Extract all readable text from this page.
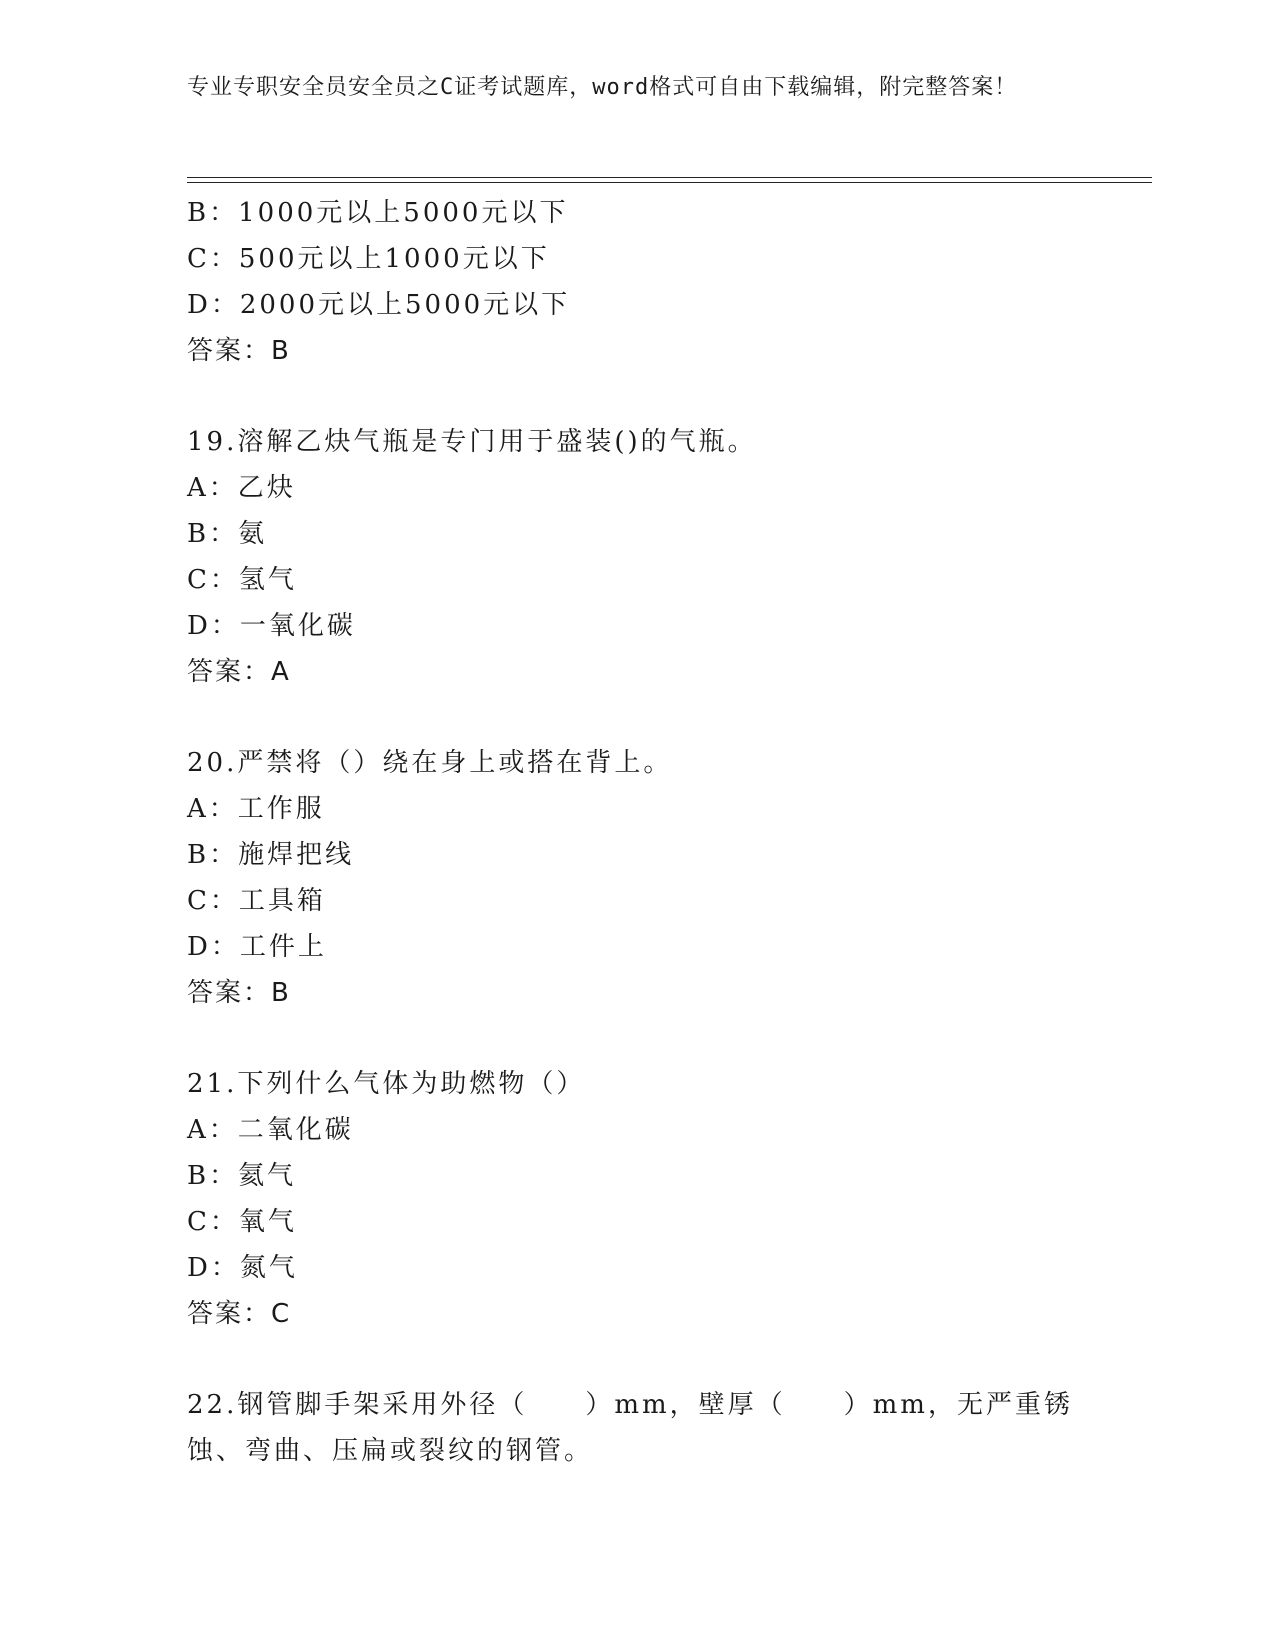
专业专职安全员安全员之C证考试题库，word格式可自由下载编辑，附完整答案！
B：1000元以上5000元以下
C：500元以上1000元以下
D：2000元以上5000元以下
答案：B
19.溶解乙炔气瓶是专门用于盛装()的气瓶。
A：乙炔
B：氨
C：氢气
D：一氧化碳
答案：A
20.严禁将（）绕在身上或搭在背上。
A：工作服
B：施焊把线
C：工具箱
D：工件上
答案：B
21.下列什么气体为助燃物（）
A：二氧化碳
B：氦气
C：氧气
D：氮气
答案：C
22.钢管脚手架采用外径（　　）mm，壁厚（　　）mm，无严重锈蚀、弯曲、压扁或裂纹的钢管。
